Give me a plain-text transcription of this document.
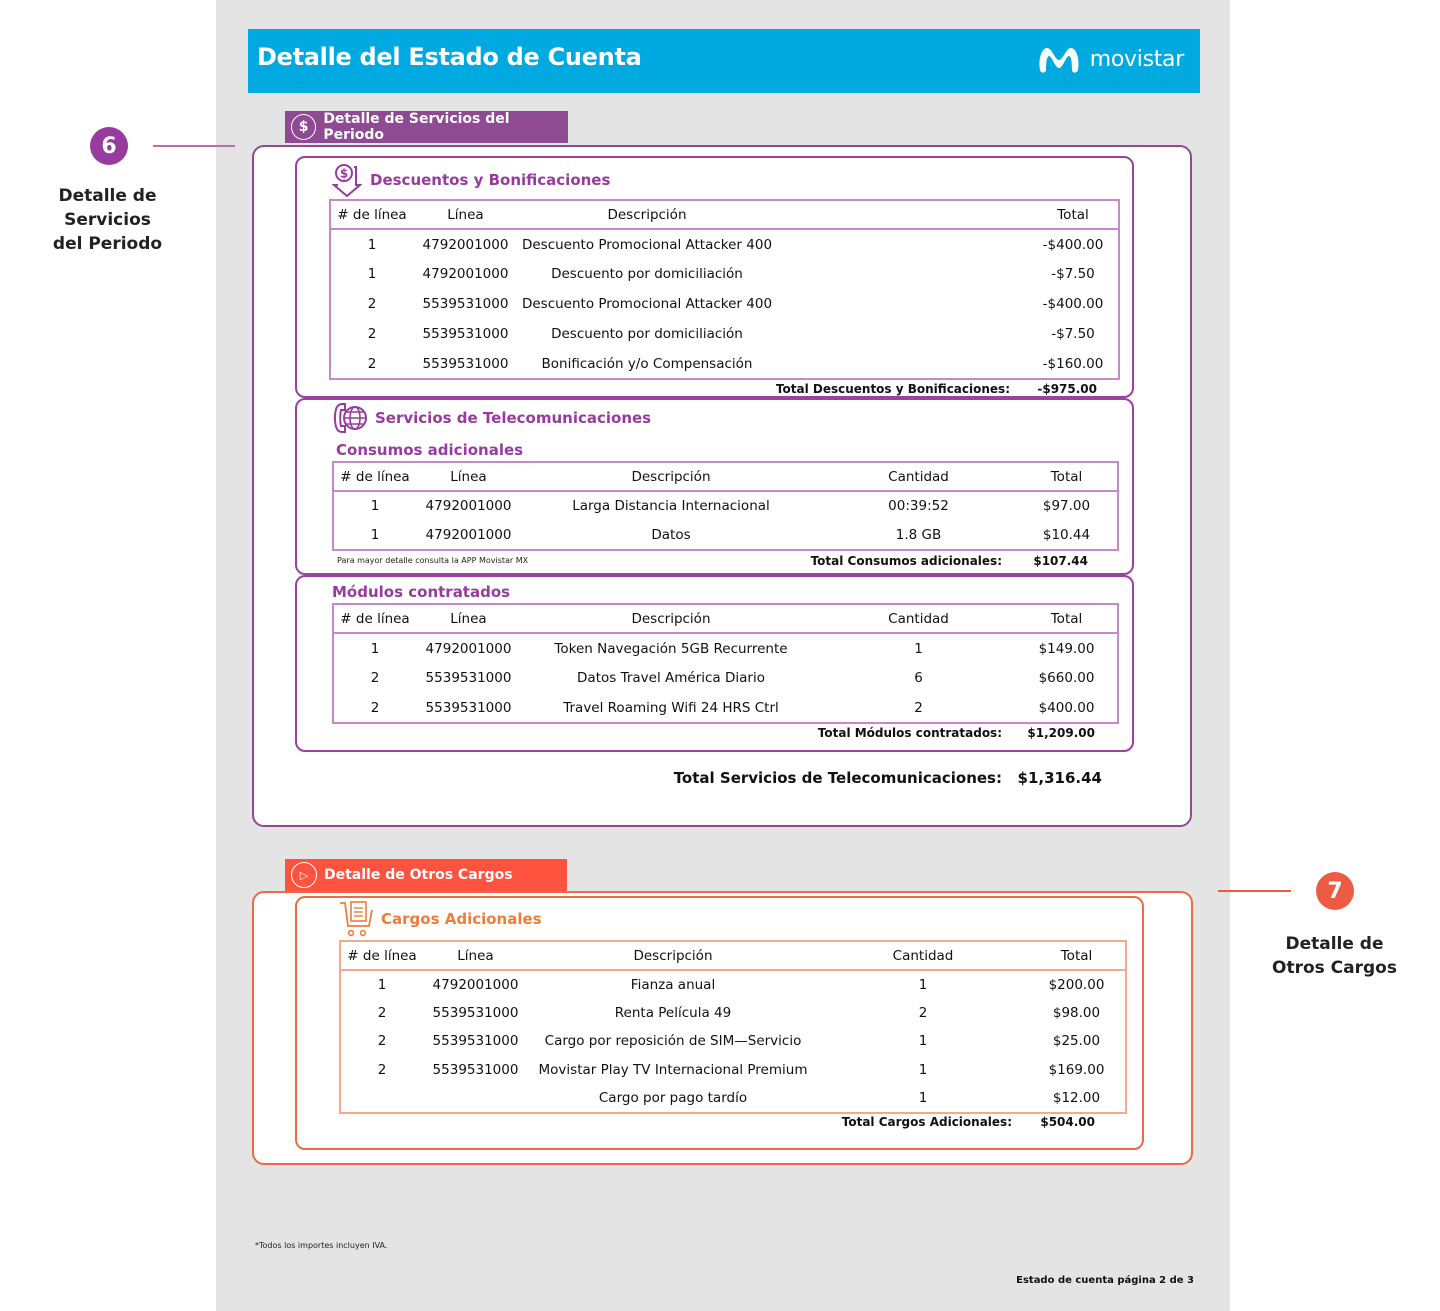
6
Detalle de
Servicios
del Periodo
7
Detalle de
Otros Cargos
Detalle del Estado de Cuenta	movistar
$	Detalle de Servicios del Periodo
$ Descuentos y Bonificaciones
# de línea	Línea	Descripción		Total
1	4792001000	Descuento Promocional Attacker 400		-$400.00
1	4792001000	Descuento por domiciliación		-$7.50
2	5539531000	Descuento Promocional Attacker 400		-$400.00
2	5539531000	Descuento por domiciliación		-$7.50
2	5539531000	Bonificación y/o Compensación		-$160.00
Total Descuentos y Bonificaciones:	-$975.00
Servicios de Telecomunicaciones
Consumos adicionales
# de línea	Línea	Descripción	Cantidad	Total
1	4792001000	Larga Distancia Internacional	00:39:52	$97.00
1	4792001000	Datos	1.8 GB	$10.44
Para mayor detalle consulta la APP Movistar MX	Total Consumos adicionales:	$107.44
Módulos contratados
# de línea	Línea	Descripción	Cantidad	Total
1	4792001000	Token Navegación 5GB Recurrente	1	$149.00
2	5539531000	Datos Travel América Diario	6	$660.00
2	5539531000	Travel Roaming Wifi 24 HRS Ctrl	2	$400.00
Total Módulos contratados:	$1,209.00
Total Servicios de Telecomunicaciones:	$1,316.44
▷	Detalle de Otros Cargos
Cargos Adicionales
# de línea	Línea	Descripción	Cantidad	Total
1	4792001000	Fianza anual	1	$200.00
2	5539531000	Renta Película 49	2	$98.00
2	5539531000	Cargo por reposición de SIM—Servicio	1	$25.00
2	5539531000	Movistar Play TV Internacional Premium	1	$169.00
		Cargo por pago tardío	1	$12.00
Total Cargos Adicionales:	$504.00
*Todos los importes incluyen IVA.
Estado de cuenta página 2 de 3
